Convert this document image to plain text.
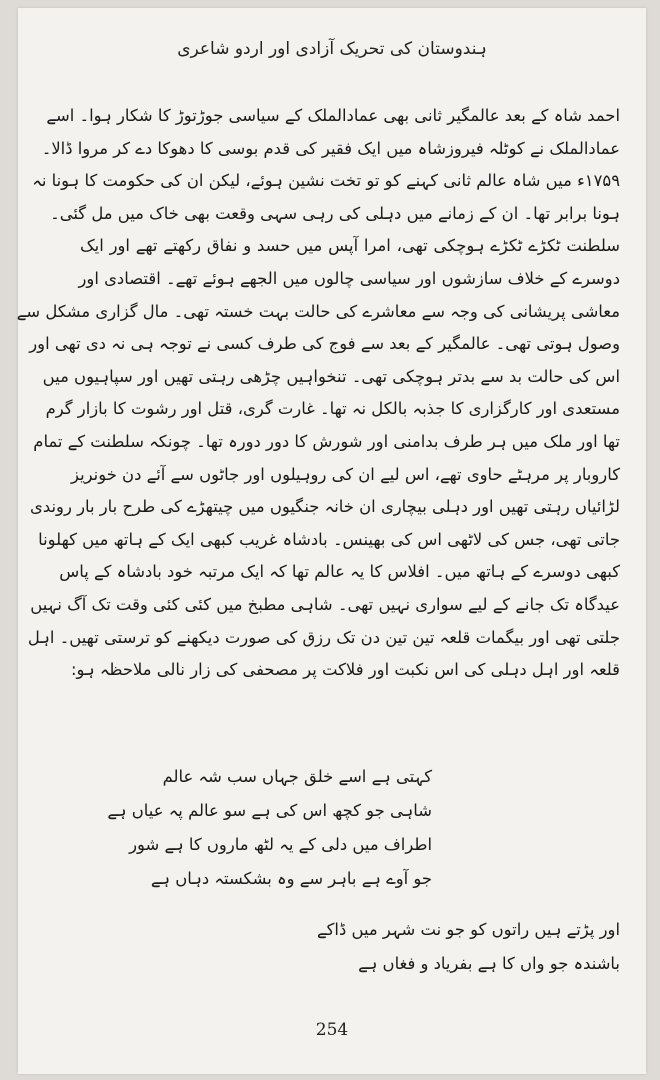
ہندوستان کی تحریک آزادی اور اردو شاعری
احمد شاہ کے بعد عالمگیر ثانی بھی عمادالملک کے سیاسی جوڑتوڑ کا شکار ہوا۔ اسے
عمادالملک نے کوٹلہ فیروزشاہ میں ایک فقیر کی قدم بوسی کا دھوکا دے کر مروا ڈالا۔
۱۷۵۹ء میں شاہ عالم ثانی کہنے کو تو تخت نشین ہوئے، لیکن ان کی حکومت کا ہونا نہ
ہونا برابر تھا۔ ان کے زمانے میں دہلی کی رہی سہی وقعت بھی خاک میں مل گئی۔
سلطنت ٹکڑے ٹکڑے ہوچکی تھی، امرا آپس میں حسد و نفاق رکھتے تھے اور ایک
دوسرے کے خلاف سازشوں اور سیاسی چالوں میں الجھے ہوئے تھے۔ اقتصادی اور
معاشی پریشانی کی وجہ سے معاشرے کی حالت بہت خستہ تھی۔ مال گزاری مشکل سے
وصول ہوتی تھی۔ عالمگیر کے بعد سے فوج کی طرف کسی نے توجہ ہی نہ دی تھی اور
اس کی حالت بد سے بدتر ہوچکی تھی۔ تنخواہیں چڑھی رہتی تھیں اور سپاہیوں میں
مستعدی اور کارگزاری کا جذبہ بالکل نہ تھا۔ غارت گری، قتل اور رشوت کا بازار گرم
تھا اور ملک میں ہر طرف بدامنی اور شورش کا دور دورہ تھا۔ چونکہ سلطنت کے تمام
کاروبار پر مرہٹے حاوی تھے، اس لیے ان کی روہیلوں اور جاٹوں سے آئے دن خونریز
لڑائیاں رہتی تھیں اور دہلی بیچاری ان خانہ جنگیوں میں چیتھڑے کی طرح بار بار روندی
جاتی تھی، جس کی لاٹھی اس کی بھینس۔ بادشاہ غریب کبھی ایک کے ہاتھ میں کھلونا
کبھی دوسرے کے ہاتھ میں۔ افلاس کا یہ عالم تھا کہ ایک مرتبہ خود بادشاہ کے پاس
عیدگاہ تک جانے کے لیے سواری نہیں تھی۔ شاہی مطبخ میں کئی کئی وقت تک آگ نہیں
جلتی تھی اور بیگمات قلعہ تین تین دن تک رزق کی صورت دیکھنے کو ترستی تھیں۔ اہل
قلعہ اور اہل دہلی کی اس نکبت اور فلاکت پر مصحفی کی زار نالی ملاحظہ ہو:
کہتی ہے اسے خلق جہاں سب شہ عالم
شاہی جو کچھ اس کی ہے سو عالم پہ عیاں ہے
اطراف میں دلی کے یہ لٹھ ماروں کا ہے شور
جو آوے ہے باہر سے وہ بشکستہ دہاں ہے
اور پڑتے ہیں راتوں کو جو نت شہر میں ڈاکے
باشندہ جو واں کا ہے بفریاد و فغاں ہے
254
